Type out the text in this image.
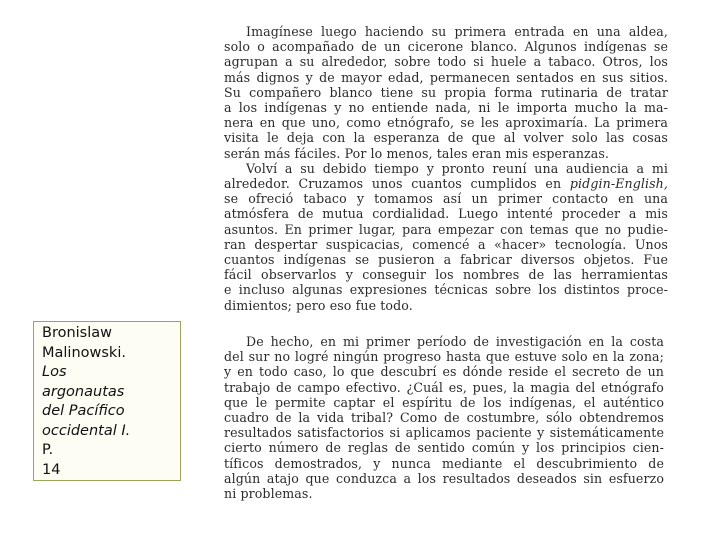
Imagínese luego haciendo su primera entrada en una aldea,
solo o acompañado de un cicerone blanco. Algunos indígenas se
agrupan a su alrededor, sobre todo si huele a tabaco. Otros, los
más dignos y de mayor edad, permanecen sentados en sus sitios.
Su compañero blanco tiene su propia forma rutinaria de tratar
a los indígenas y no entiende nada, ni le importa mucho la ma-
nera en que uno, como etnógrafo, se les aproximaría. La primera
visita le deja con la esperanza de que al volver solo las cosas
serán más fáciles. Por lo menos, tales eran mis esperanzas.

Volví a su debido tiempo y pronto reuní una audiencia a mi
alrededor. Cruzamos unos cuantos cumplidos en pidgin-English,
se ofreció tabaco y tomamos así un primer contacto en una
atmósfera de mutua cordialidad. Luego intenté proceder a mis
asuntos. En primer lugar, para empezar con temas que no pudie-
ran despertar suspicacias, comencé a «hacer» tecnología. Unos
cuantos indígenas se pusieron a fabricar diversos objetos. Fue
fácil observarlos y conseguir los nombres de las herramientas
e incluso algunas expresiones técnicas sobre los distintos proce-
dimientos; pero eso fue todo.

De hecho, en mi primer período de investigación en la costa
del sur no logré ningún progreso hasta que estuve solo en la zona;
y en todo caso, lo que descubrí es dónde reside el secreto de un
trabajo de campo efectivo. ¿Cuál es, pues, la magia del etnógrafo
que le permite captar el espíritu de los indígenas, el auténtico
cuadro de la vida tribal? Como de costumbre, sólo obtendremos
resultados satisfactorios si aplicamos paciente y sistemáticamente
cierto número de reglas de sentido común y los principios cien-
tíficos demostrados, y nunca mediante el descubrimiento de
algún atajo que conduzca a los resultados deseados sin esfuerzo
ni problemas.

Bronislaw
Malinowski.
Los
argonautas
del Pacífico
occidental I.
P.
14
